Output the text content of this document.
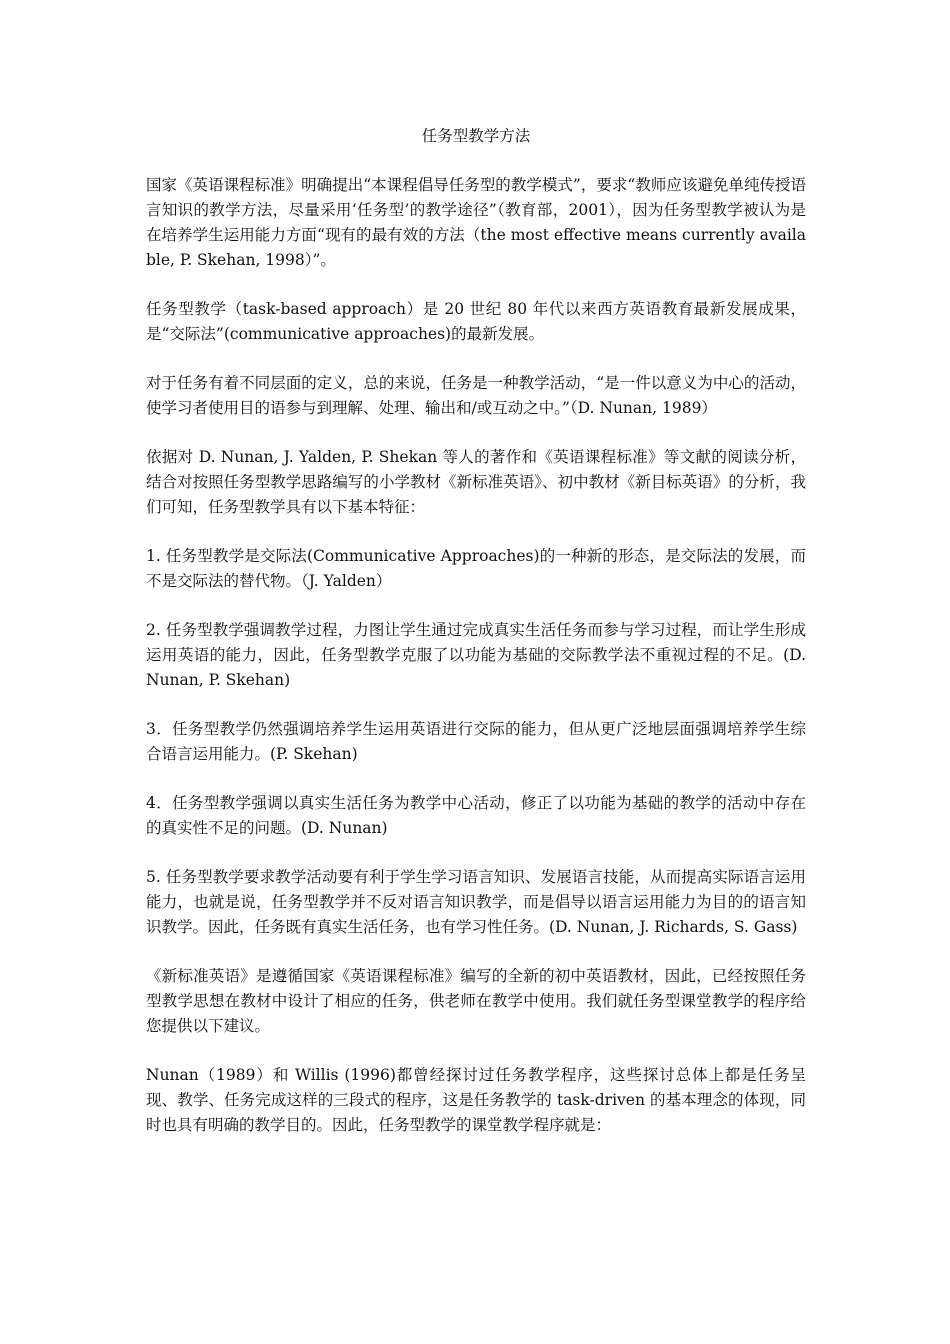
任务型教学方法

国家《英语课程标准》明确提出“本课程倡导任务型的教学模式”，要求“教师应该避免单纯传授语言知识的教学方法，尽量采用‘任务型’的教学途径”（教育部，2001），因为任务型教学被认为是在培养学生运用能力方面“现有的最有效的方法（the most effective means currently available, P. Skehan, 1998）”。

任务型教学（task-based approach）是 20 世纪 80 年代以来西方英语教育最新发展成果，是“交际法”(communicative approaches)的最新发展。

对于任务有着不同层面的定义，总的来说，任务是一种教学活动，“是一件以意义为中心的活动，使学习者使用目的语参与到理解、处理、输出和/或互动之中。”（D. Nunan, 1989）

依据对 D. Nunan, J. Yalden, P. Shekan 等人的著作和《英语课程标准》等文献的阅读分析，结合对按照任务型教学思路编写的小学教材《新标准英语》、初中教材《新目标英语》的分析，我们可知，任务型教学具有以下基本特征：

1. 任务型教学是交际法(Communicative Approaches)的一种新的形态，是交际法的发展，而不是交际法的替代物。（J. Yalden）

2. 任务型教学强调教学过程，力图让学生通过完成真实生活任务而参与学习过程，而让学生形成运用英语的能力，因此，任务型教学克服了以功能为基础的交际教学法不重视过程的不足。(D. Nunan, P. Skehan)

3．任务型教学仍然强调培养学生运用英语进行交际的能力，但从更广泛地层面强调培养学生综合语言运用能力。(P. Skehan)

4．任务型教学强调以真实生活任务为教学中心活动，修正了以功能为基础的教学的活动中存在的真实性不足的问题。(D. Nunan)

5. 任务型教学要求教学活动要有利于学生学习语言知识、发展语言技能，从而提高实际语言运用能力，也就是说，任务型教学并不反对语言知识教学，而是倡导以语言运用能力为目的的语言知识教学。因此，任务既有真实生活任务，也有学习性任务。(D. Nunan, J. Richards, S. Gass)

《新标准英语》是遵循国家《英语课程标准》编写的全新的初中英语教材，因此，已经按照任务型教学思想在教材中设计了相应的任务，供老师在教学中使用。我们就任务型课堂教学的程序给您提供以下建议。

Nunan（1989）和 Willis (1996)都曾经探讨过任务教学程序，这些探讨总体上都是任务呈现、教学、任务完成这样的三段式的程序，这是任务教学的 task-driven 的基本理念的体现，同时也具有明确的教学目的。因此，任务型教学的课堂教学程序就是：
